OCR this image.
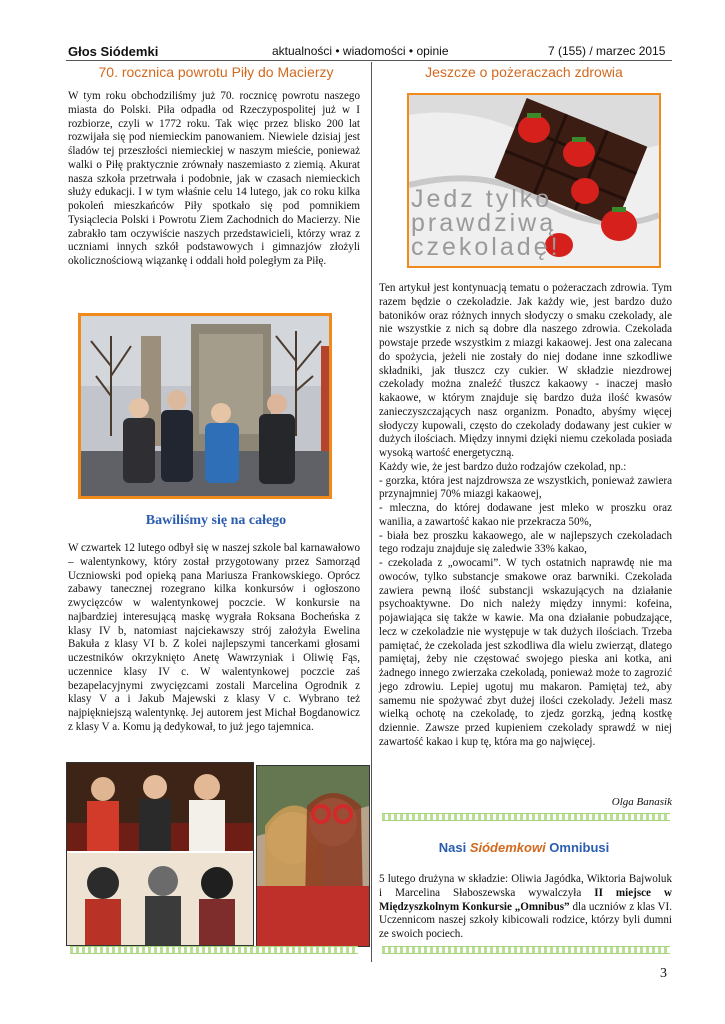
Głos Siódemki	aktualności • wiadomości • opinie	7 (155) / marzec 2015
70. rocznica powrotu Piły do Macierzy

W tym roku obchodziliśmy już 70. rocznicę powrotu naszego miasta do Polski. Piła odpadła od Rzeczypospolitej już w I rozbiorze, czyli w 1772 roku. Tak więc przez blisko 200 lat rozwijała się pod niemieckim panowaniem. Niewiele dzisiaj jest śladów tej przeszłości niemieckiej w naszym mieście, ponieważ walki o Piłę praktycznie zrównały naszemiasto z ziemią. Akurat nasza szkoła przetrwała i podobnie, jak w czasach niemieckich służy edukacji. I w tym właśnie celu 14 lutego, jak co roku kilka pokoleń mieszkańców Piły spotkało się pod pomnikiem Tysiąclecia Polski i Powrotu Ziem Zachodnich do Macierzy. Nie zabrakło tam oczywiście naszych przedstawicieli, którzy wraz z uczniami innych szkół podstawowych i gimnazjów złożyli okolicznościową wiązankę i oddali hołd poległym za Piłę.

Bawiliśmy się na całego

W czwartek 12 lutego odbył się w naszej szkole bal karnawałowo – walentynkowy, który został przygotowany przez Samorząd Uczniowski pod opieką pana Mariusza Frankowskiego. Oprócz zabawy tanecznej rozegrano kilka konkursów i ogłoszono zwycięzców w walentynkowej poczcie. W konkursie na najbardziej interesującą maskę wygrała Roksana Bocheńska z klasy IV b, natomiast najciekawszy strój założyła Ewelina Bakuła z klasy VI b. Z kolei najlepszymi tancerkami głosami uczestników okrzyknięto Anetę Wawrzyniak i Oliwię Fąs, uczennice klasy IV c. W walentynkowej poczcie zaś bezapelacyjnymi zwycięzcami zostali Marcelina Ogrodnik z klasy V a i Jakub Majewski z klasy V c. Wybrano też najpiękniejszą walentynkę. Jej autorem jest Michał Bogdanowicz z klasy V a. Komu ją dedykował, to już jego tajemnica.

Jeszcze o pożeraczach zdrowia
Jedz tylko
prawdziwą
czekoladę!

Ten artykuł jest kontynuacją tematu o pożeraczach zdrowia. Tym razem będzie o czekoladzie. Jak każdy wie, jest bardzo dużo batoników oraz różnych innych słodyczy o smaku czekolady, ale nie wszystkie z nich są dobre dla naszego zdrowia. Czekolada powstaje przede wszystkim z miazgi kakaowej. Jest ona zalecana do spożycia, jeżeli nie zostały do niej dodane inne szkodliwe składniki, jak tłuszcz czy cukier. W składzie niezdrowej czekolady można znaleźć tłuszcz kakaowy - inaczej masło kakaowe, w którym znajduje się bardzo duża ilość kwasów zanieczyszczających nasz organizm. Ponadto, abyśmy więcej słodyczy kupowali, często do czekolady dodawany jest cukier w dużych ilościach. Między innymi dzięki niemu czekolada posiada wysoką wartość energetyczną.

Każdy wie, że jest bardzo dużo rodzajów czekolad, np.:

- gorzka, która jest najzdrowsza ze wszystkich, ponieważ zawiera przynajmniej 70% miazgi kakaowej,

- mleczna, do której dodawane jest mleko w proszku oraz wanilia, a zawartość kakao nie przekracza 50%,

- biała bez proszku kakaowego, ale w najlepszych czekoladach tego rodzaju znajduje się zaledwie 33% kakao,

- czekolada z „owocami”. W tych ostatnich naprawdę nie ma owoców, tylko substancje smakowe oraz barwniki. Czekolada zawiera pewną ilość substancji wskazujących na działanie psychoaktywne. Do nich należy między innymi: kofeina, pojawiająca się także w kawie. Ma ona działanie pobudzające, lecz w czekoladzie nie występuje w tak dużych ilościach. Trzeba pamiętać, że czekolada jest szkodliwa dla wielu zwierząt, dlatego pamiętaj, żeby nie częstować swojego pieska ani kotka, ani żadnego innego zwierzaka czekoladą, ponieważ może to zagrozić jego zdrowiu. Lepiej ugotuj mu makaron. Pamiętaj też, aby samemu nie spożywać zbyt dużej ilości czekolady. Jeżeli masz wielką ochotę na czekoladę, to zjedz gorzką, jedną kostkę dziennie. Zawsze przed kupieniem czekolady sprawdź w niej zawartość kakao i kup tę, która ma go najwięcej.

Olga Banasik
Nasi Siódemkowi Omnibusi

5 lutego drużyna w składzie: Oliwia Jagódka, Wiktoria Bajwoluk i Marcelina Słaboszewska wywalczyła II miejsce w Międzyszkolnym Konkursie „Omnibus” dla uczniów z klas VI. Uczennicom naszej szkoły kibicowali rodzice, którzy byli dumni ze swoich pociech.

3
